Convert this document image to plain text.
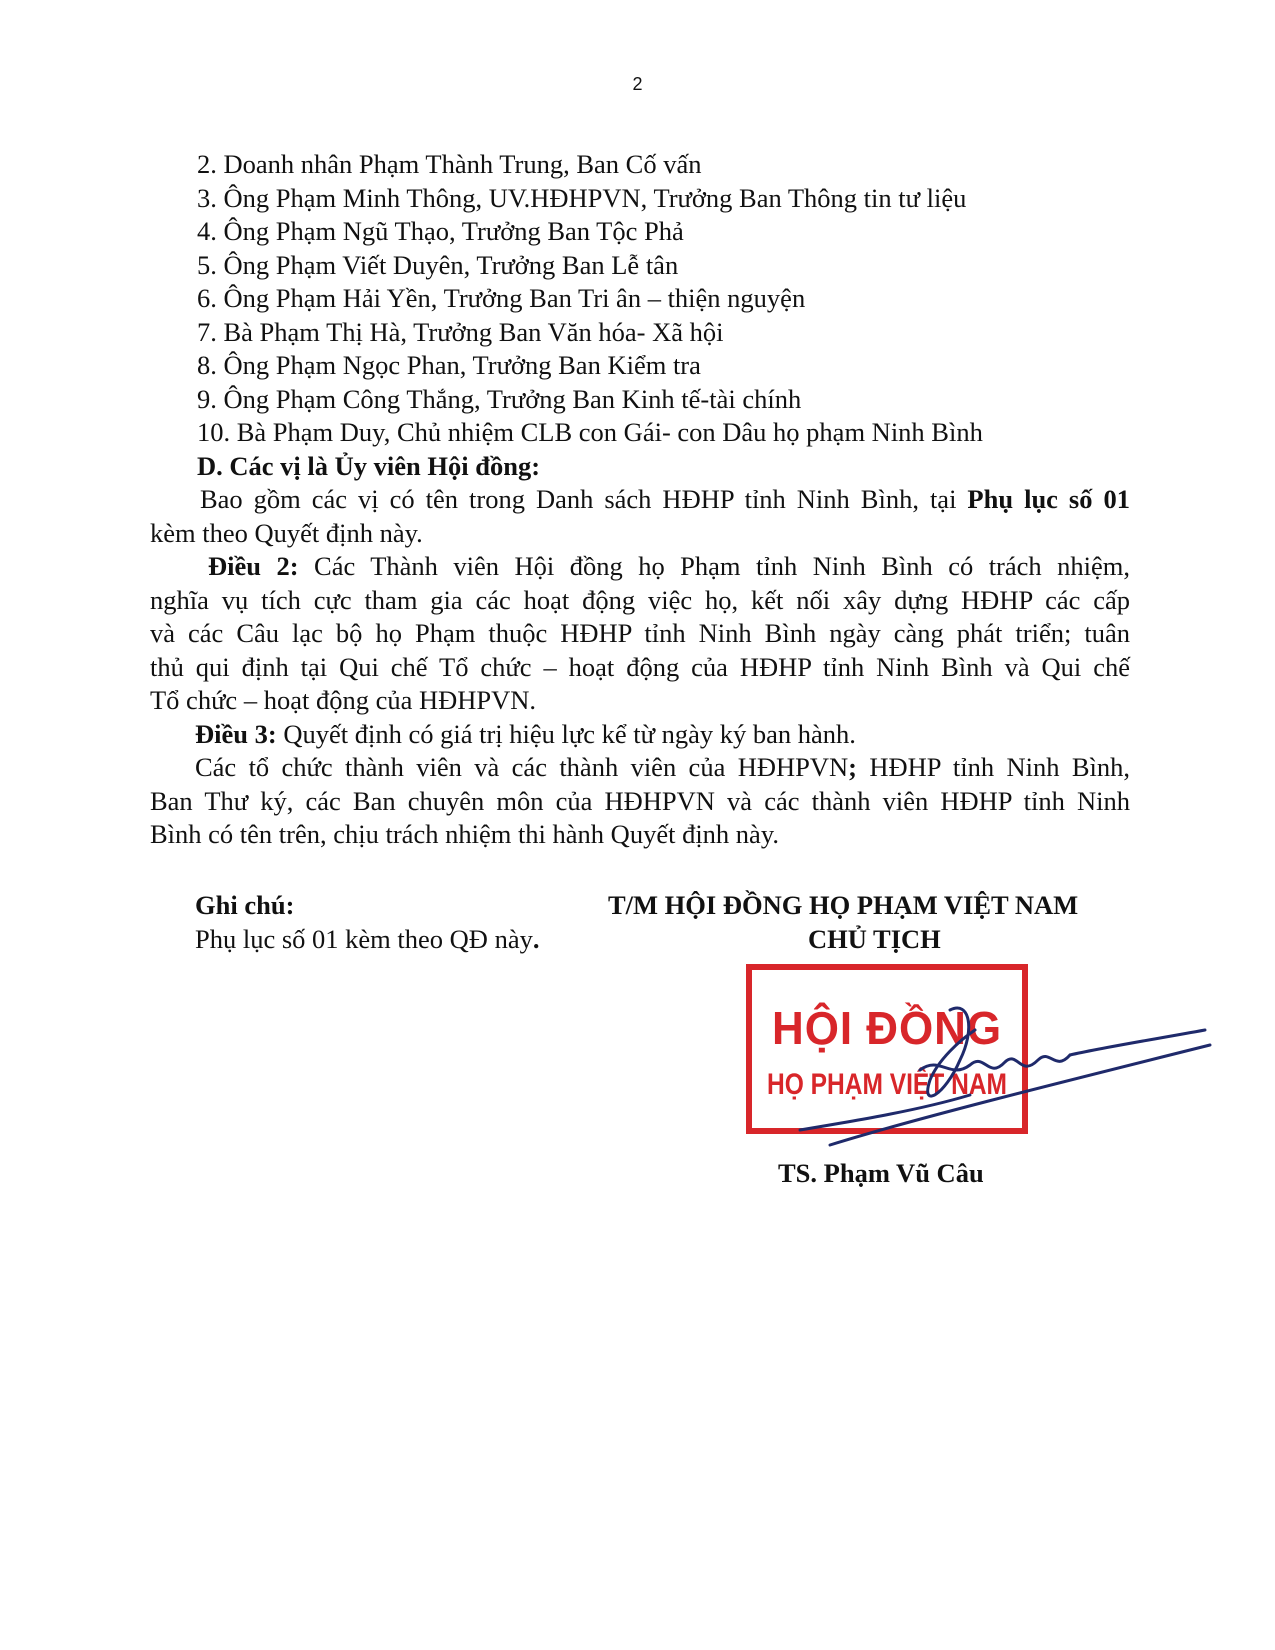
2
2. Doanh nhân Phạm Thành Trung, Ban Cố vấn
3. Ông Phạm Minh Thông, UV.HĐHPVN, Trưởng Ban Thông tin tư liệu
4. Ông Phạm Ngũ Thạo, Trưởng Ban Tộc Phả
5. Ông Phạm Viết Duyên, Trưởng Ban Lễ tân
6. Ông Phạm Hải Yền, Trưởng Ban Tri ân – thiện nguyện
7. Bà Phạm Thị Hà, Trưởng Ban Văn hóa- Xã hội
8. Ông Phạm Ngọc Phan, Trưởng Ban Kiểm tra
9. Ông Phạm Công Thắng, Trưởng Ban Kinh tế-tài chính
10. Bà Phạm Duy, Chủ nhiệm CLB con Gái- con Dâu họ phạm Ninh Bình
D. Các vị là Ủy viên Hội đồng:
Bao gồm các vị có tên trong Danh sách HĐHP tỉnh Ninh Bình, tại Phụ lục số 01
kèm theo Quyết định này.
Điều 2: Các Thành viên Hội đồng họ Phạm tỉnh Ninh Bình có trách nhiệm,
nghĩa vụ tích cực tham gia các hoạt động việc họ, kết nối xây dựng HĐHP các cấp
và các Câu lạc bộ họ Phạm thuộc HĐHP tỉnh Ninh Bình ngày càng phát triển; tuân
thủ qui định tại Qui chế Tổ chức – hoạt động của HĐHP tỉnh Ninh Bình và Qui chế
Tổ chức – hoạt động của HĐHPVN.
Điều 3: Quyết định có giá trị hiệu lực kể từ ngày ký ban hành.
Các tổ chức thành viên và các thành viên của HĐHPVN; HĐHP tỉnh Ninh Bình,
Ban Thư ký, các Ban chuyên môn của HĐHPVN và các thành viên HĐHP tỉnh Ninh
Bình có tên trên, chịu trách nhiệm thi hành Quyết định này.
Ghi chú:
Phụ lục số 01 kèm theo QĐ này.
T/M HỘI ĐỒNG HỌ PHẠM VIỆT NAM
CHỦ TỊCH
HỘI ĐỒNG
HỌ PHẠM VIỆT NAM
TS. Phạm Vũ Câu
